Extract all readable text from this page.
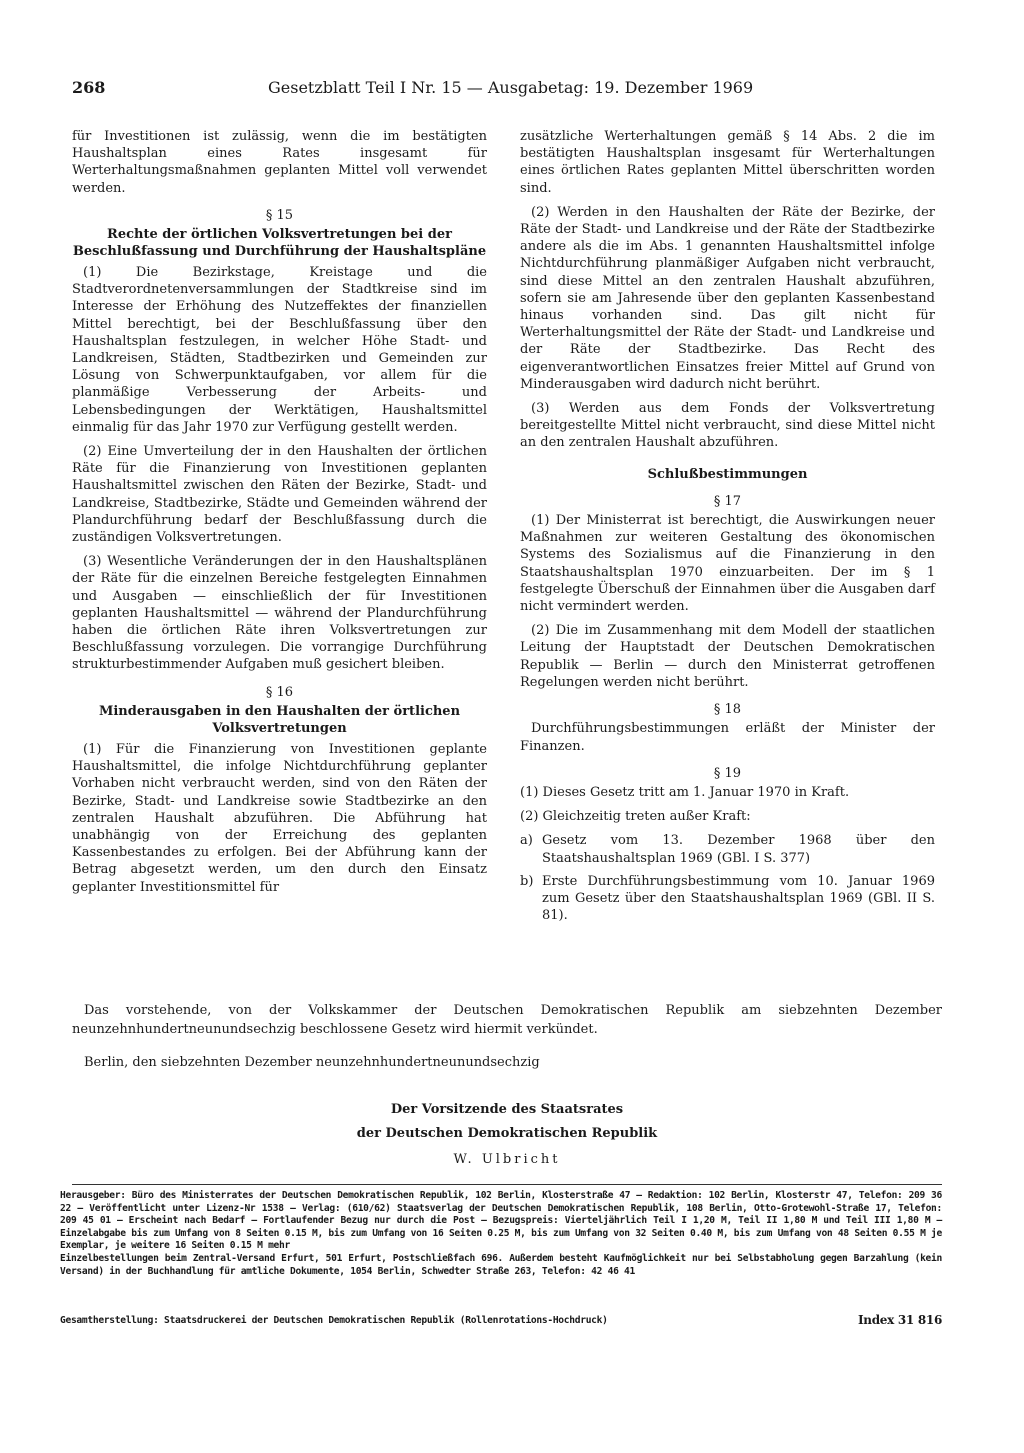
268	Gesetzblatt Teil I Nr. 15 — Ausgabetag: 19. Dezember 1969

für Investitionen ist zulässig, wenn die im bestätigten Haushaltsplan eines Rates insgesamt für Werterhaltungsmaßnahmen geplanten Mittel voll verwendet werden.

§ 15
Rechte der örtlichen Volksvertretungen bei der Beschlußfassung und Durchführung der Haushaltspläne

(1) Die Bezirkstage, Kreistage und die Stadtverordnetenversammlungen der Stadtkreise sind im Interesse der Erhöhung des Nutzeffektes der finanziellen Mittel berechtigt, bei der Beschlußfassung über den Haushaltsplan festzulegen, in welcher Höhe Stadt- und Landkreisen, Städten, Stadtbezirken und Gemeinden zur Lösung von Schwerpunktaufgaben, vor allem für die planmäßige Verbesserung der Arbeits- und Lebensbedingungen der Werktätigen, Haushaltsmittel einmalig für das Jahr 1970 zur Verfügung gestellt werden.

(2) Eine Umverteilung der in den Haushalten der örtlichen Räte für die Finanzierung von Investitionen geplanten Haushaltsmittel zwischen den Räten der Bezirke, Stadt- und Landkreise, Stadtbezirke, Städte und Gemeinden während der Plandurchführung bedarf der Beschlußfassung durch die zuständigen Volksvertretungen.

(3) Wesentliche Veränderungen der in den Haushaltsplänen der Räte für die einzelnen Bereiche festgelegten Einnahmen und Ausgaben — einschließlich der für Investitionen geplanten Haushaltsmittel — während der Plandurchführung haben die örtlichen Räte ihren Volksvertretungen zur Beschlußfassung vorzulegen. Die vorrangige Durchführung strukturbestimmender Aufgaben muß gesichert bleiben.

§ 16
Minderausgaben in den Haushalten der örtlichen Volksvertretungen

(1) Für die Finanzierung von Investitionen geplante Haushaltsmittel, die infolge Nichtdurchführung geplanter Vorhaben nicht verbraucht werden, sind von den Räten der Bezirke, Stadt- und Landkreise sowie Stadtbezirke an den zentralen Haushalt abzuführen. Die Abführung hat unabhängig von der Erreichung des geplanten Kassenbestandes zu erfolgen. Bei der Abführung kann der Betrag abgesetzt werden, um den durch den Einsatz geplanter Investitionsmittel für

zusätzliche Werterhaltungen gemäß § 14 Abs. 2 die im bestätigten Haushaltsplan insgesamt für Werterhaltungen eines örtlichen Rates geplanten Mittel überschritten worden sind.

(2) Werden in den Haushalten der Räte der Bezirke, der Räte der Stadt- und Landkreise und der Räte der Stadtbezirke andere als die im Abs. 1 genannten Haushaltsmittel infolge Nichtdurchführung planmäßiger Aufgaben nicht verbraucht, sind diese Mittel an den zentralen Haushalt abzuführen, sofern sie am Jahresende über den geplanten Kassenbestand hinaus vorhanden sind. Das gilt nicht für Werterhaltungsmittel der Räte der Stadt- und Landkreise und der Räte der Stadtbezirke. Das Recht des eigenverantwortlichen Einsatzes freier Mittel auf Grund von Minderausgaben wird dadurch nicht berührt.

(3) Werden aus dem Fonds der Volksvertretung bereitgestellte Mittel nicht verbraucht, sind diese Mittel nicht an den zentralen Haushalt abzuführen.

Schlußbestimmungen
§ 17

(1) Der Ministerrat ist berechtigt, die Auswirkungen neuer Maßnahmen zur weiteren Gestaltung des ökonomischen Systems des Sozialismus auf die Finanzierung in den Staatshaushaltsplan 1970 einzuarbeiten. Der im § 1 festgelegte Überschuß der Einnahmen über die Ausgaben darf nicht vermindert werden.

(2) Die im Zusammenhang mit dem Modell der staatlichen Leitung der Hauptstadt der Deutschen Demokratischen Republik — Berlin — durch den Ministerrat getroffenen Regelungen werden nicht berührt.

§ 18

Durchführungsbestimmungen erläßt der Minister der Finanzen.

§ 19

(1) Dieses Gesetz tritt am 1. Januar 1970 in Kraft.

(2) Gleichzeitig treten außer Kraft:

a) Gesetz vom 13. Dezember 1968 über den Staatshaushaltsplan 1969 (GBl. I S. 377)
b) Erste Durchführungsbestimmung vom 10. Januar 1969 zum Gesetz über den Staatshaushaltsplan 1969 (GBl. II S. 81).

Das vorstehende, von der Volkskammer der Deutschen Demokratischen Republik am siebzehnten Dezember neunzehnhundertneunundsechzig beschlossene Gesetz wird hiermit verkündet.

Berlin, den siebzehnten Dezember neunzehnhundertneunundsechzig

Der Vorsitzende des Staatsrates
der Deutschen Demokratischen Republik
W. Ulbricht

Herausgeber: Büro des Ministerrates der Deutschen Demokratischen Republik, 102 Berlin, Klosterstraße 47 – Redaktion: 102 Berlin, Klosterstr 47, Telefon: 209 36 22 – Veröffentlicht unter Lizenz-Nr 1538 – Verlag: (610/62) Staatsverlag der Deutschen Demokratischen Republik, 108 Berlin, Otto-Grotewohl-Straße 17, Telefon: 209 45 01 – Erscheint nach Bedarf – Fortlaufender Bezug nur durch die Post – Bezugspreis: Vierteljährlich Teil I 1,20 M, Teil II 1,80 M und Teil III 1,80 M – Einzelabgabe bis zum Umfang von 8 Seiten 0.15 M, bis zum Umfang von 16 Seiten 0.25 M, bis zum Umfang von 32 Seiten 0.40 M, bis zum Umfang von 48 Seiten 0.55 M je Exemplar, je weitere 16 Seiten 0.15 M mehr

Einzelbestellungen beim Zentral-Versand Erfurt, 501 Erfurt, Postschließfach 696. Außerdem besteht Kaufmöglichkeit nur bei Selbstabholung gegen Barzahlung (kein Versand) in der Buchhandlung für amtliche Dokumente, 1054 Berlin, Schwedter Straße 263, Telefon: 42 46 41

Gesamtherstellung: Staatsdruckerei der Deutschen Demokratischen Republik (Rollenrotations-Hochdruck)	Index 31 816
